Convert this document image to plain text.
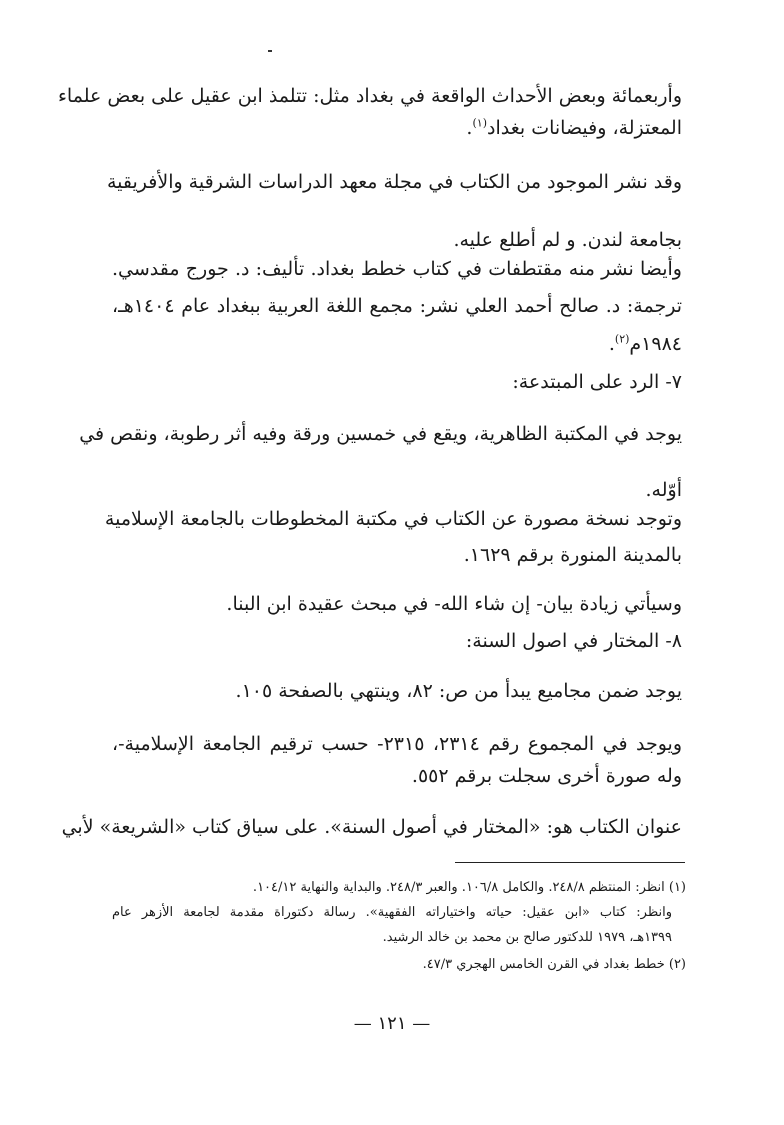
وأربعمائة وبعض الأحداث الواقعة في بغداد مثل: تتلمذ ابن عقيل على بعض علماء
المعتزلة، وفيضانات بغداد$^{(١)}$.
وقد نشر الموجود من الكتاب في مجلة معهد الدراسات الشرقية والأفريقية
بجامعة لندن. و لم أطلع عليه.
وأيضا نشر منه مقتطفات في كتاب خطط بغداد. تأليف: د. جورج مقدسي.
ترجمة: د. صالح أحمد العلي نشر: مجمع اللغة العربية ببغداد عام ١٤٠٤هـ،
١٩٨٤م$^{(٢)}$.
٧- الرد على المبتدعة:
يوجد في المكتبة الظاهرية، ويقع في خمسين ورقة وفيه أثر رطوبة، ونقص في
أوّله.
وتوجد نسخة مصورة عن الكتاب في مكتبة المخطوطات بالجامعة الإسلامية
بالمدينة المنورة برقم ١٦٢٩.
وسيأتي زيادة بيان- إن شاء الله- في مبحث عقيدة ابن البنا.
٨- المختار في اصول السنة:
يوجد ضمن مجاميع يبدأ من ص: ٨٢، وينتهي بالصفحة ١٠٥.
ويوجد في المجموع رقم ٢٣١٤، ٢٣١٥- حسب ترقيم الجامعة الإسلامية-،
وله صورة أخرى سجلت برقم ٥٥٢.
عنوان الكتاب هو: «المختار في أصول السنة». على سياق كتاب «الشريعة» لأبي
(١) انظر: المنتظم ٢٤٨/٨. والكامل ١٠٦/٨. والعبر ٢٤٨/٣. والبداية والنهاية ١٠٤/١٢.
وانظر: كتاب «ابن عقيل: حياته واختياراته الفقهية». رسالة دكتوراة مقدمة لجامعة الأزهر عام
١٣٩٩هـ، ١٩٧٩ للدكتور صالح بن محمد بن خالد الرشيد.
(٢) خطط بغداد في القرن الخامس الهجري ٤٧/٣.
— ١٢١ —
